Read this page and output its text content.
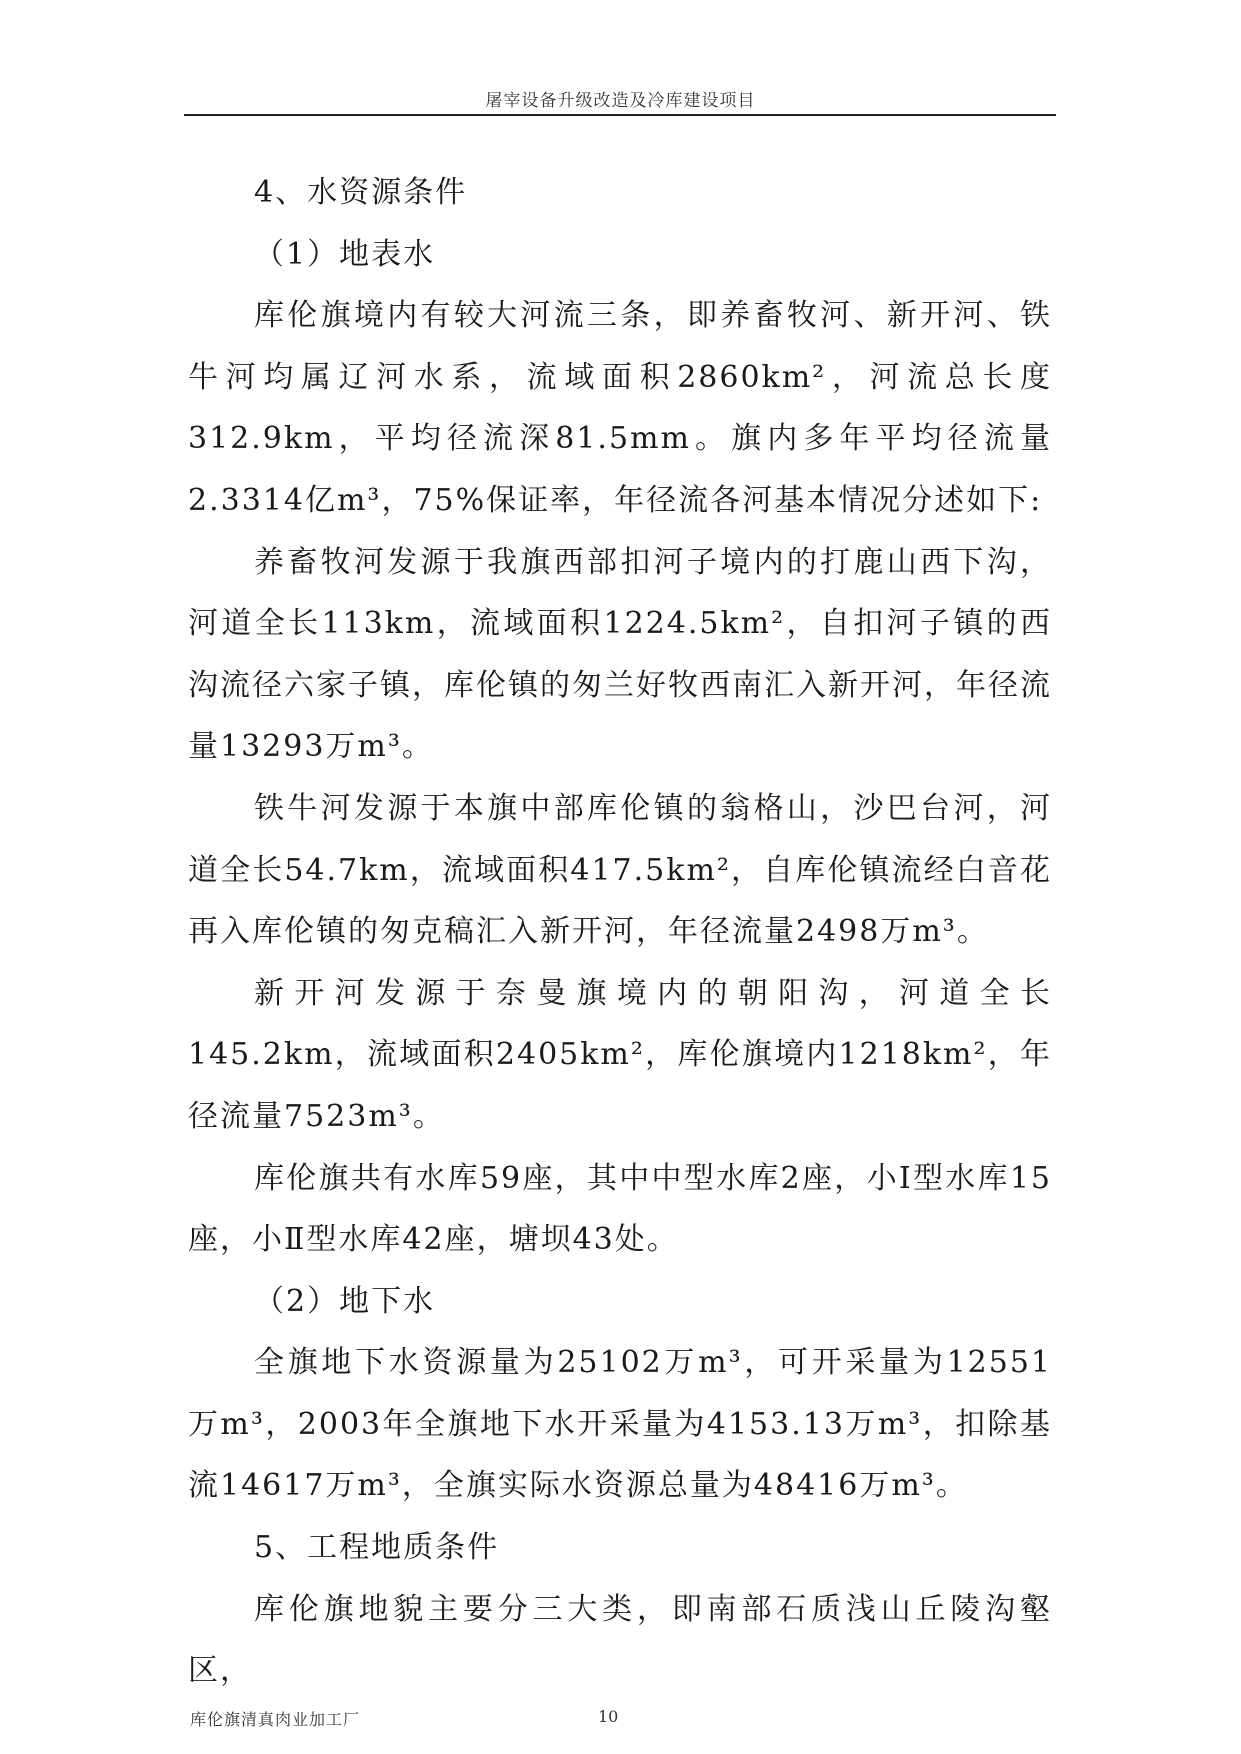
屠宰设备升级改造及冷库建设项目

4、水资源条件

（1）地表水

库伦旗境内有较大河流三条，即养畜牧河、新开河、铁牛河均属辽河水系，流域面积2860km²，河流总长度312.9km，平均径流深81.5mm。旗内多年平均径流量2.3314亿m³，75%保证率，年径流各河基本情况分述如下:

养畜牧河发源于我旗西部扣河子境内的打鹿山西下沟，河道全长113km，流域面积1224.5km²，自扣河子镇的西沟流径六家子镇，库伦镇的匆兰好牧西南汇入新开河，年径流量13293万m³。

铁牛河发源于本旗中部库伦镇的翁格山，沙巴台河，河道全长54.7km，流域面积417.5km²，自库伦镇流经白音花再入库伦镇的匆克稿汇入新开河，年径流量2498万m³。

新开河发源于奈曼旗境内的朝阳沟，河道全长145.2km，流域面积2405km²，库伦旗境内1218km²，年径流量7523m³。

库伦旗共有水库59座，其中中型水库2座，小Ⅰ型水库15座，小Ⅱ型水库42座，塘坝43处。

（2）地下水

全旗地下水资源量为25102万m³，可开采量为12551万m³，2003年全旗地下水开采量为4153.13万m³，扣除基流14617万m³，全旗实际水资源总量为48416万m³。

5、工程地质条件

库伦旗地貌主要分三大类，即南部石质浅山丘陵沟壑区，

库伦旗清真肉业加工厂	10
